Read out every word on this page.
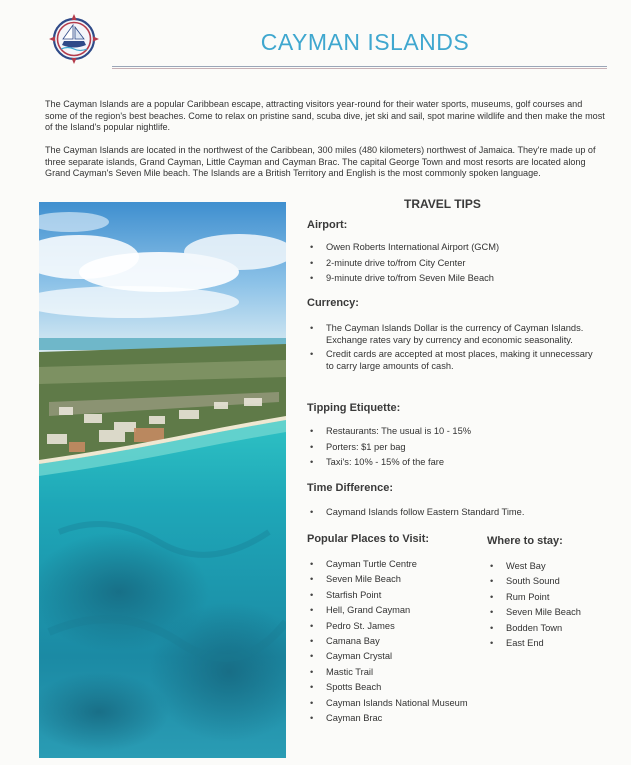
CAYMAN ISLANDS

The Cayman Islands are a popular Caribbean escape, attracting visitors year-round for their water sports, museums, golf courses and some of the region's best beaches. Come to relax on pristine sand, scuba dive, jet ski and sail, spot marine wildlife and then make the most of the Island's popular nightlife.

The Cayman Islands are located in the northwest of the Caribbean, 300 miles (480 kilometers) northwest of Jamaica. They're made up of three separate islands, Grand Cayman, Little Cayman and Cayman Brac. The capital George Town and most resorts are located along Grand Cayman's Seven Mile beach. The Islands are a British Territory and English is the most commonly spoken language.

TRAVEL TIPS
Airport:
• Owen Roberts International Airport (GCM)
• 2-minute drive to/from City Center
• 9-minute drive to/from Seven Mile Beach
Currency:
• The Cayman Islands Dollar is the currency of Cayman Islands. Exchange rates vary by currency and economic seasonality.
• Credit cards are accepted at most places, making it unnecessary to carry large amounts of cash.
Tipping Etiquette:
• Restaurants: The usual is 10 - 15%
• Porters: $1 per bag
• Taxi's: 10% - 15% of the fare
Time Difference:
• Caymand Islands follow Eastern Standard Time.
Popular Places to Visit:
• Cayman Turtle Centre
• Seven Mile Beach
• Starfish Point
• Hell, Grand Cayman
• Pedro St. James
• Camana Bay
• Cayman Crystal
• Mastic Trail
• Spotts Beach
• Cayman Islands National Museum
• Cayman Brac
Where to stay:
• West Bay
• South Sound
• Rum Point
• Seven Mile Beach
• Bodden Town
• East End
